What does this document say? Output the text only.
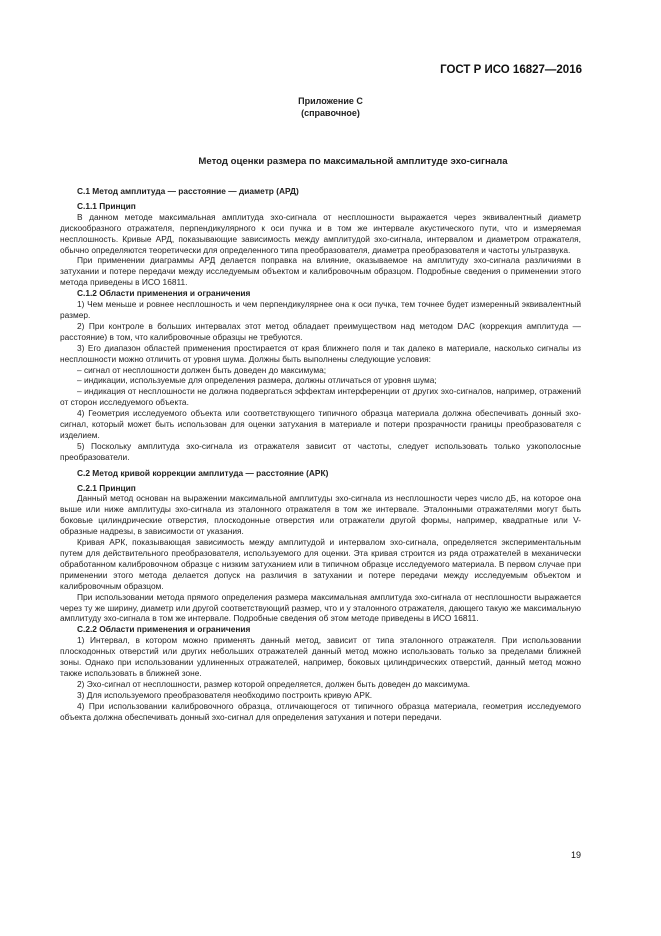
ГОСТ Р ИСО 16827—2016
Приложение С
(справочное)
Метод оценки размера по максимальной амплитуде эхо-сигнала

С.1 Метод амплитуда — расстояние — диаметр (АРД)

С.1.1 Принцип

В данном методе максимальная амплитуда эхо-сигнала от несплошности выражается через эквивалентный диаметр дискообразного отражателя, перпендикулярного к оси пучка и в том же интервале акустического пути, что и измеряемая несплошность. Кривые АРД, показывающие зависимость между амплитудой эхо-сигнала, интервалом и диаметром отражателя, обычно определяются теоретически для определенного типа преобразователя, диаметра преобразователя и частоты ультразвука.

При применении диаграммы АРД делается поправка на влияние, оказываемое на амплитуду эхо-сигнала различиями в затухании и потере передачи между исследуемым объектом и калибровочным образцом. Подробные сведения о применении этого метода приведены в ИСО 16811.

С.1.2 Области применения и ограничения

1) Чем меньше и ровнее несплошность и чем перпендикулярнее она к оси пучка, тем точнее будет измеренный эквивалентный размер.

2) При контроле в больших интервалах этот метод обладает преимуществом над методом DAC (коррекция амплитуда — расстояние) в том, что калибровочные образцы не требуются.

3) Его диапазон областей применения простирается от края ближнего поля и так далеко в материале, насколько сигналы из несплошности можно отличить от уровня шума. Должны быть выполнены следующие условия:

– сигнал от несплошности должен быть доведен до максимума;

– индикации, используемые для определения размера, должны отличаться от уровня шума;

– индикация от несплошности не должна подвергаться эффектам интерференции от других эхо-сигналов, например, отражений от сторон исследуемого объекта.

4) Геометрия исследуемого объекта или соответствующего типичного образца материала должна обеспечивать донный эхо-сигнал, который может быть использован для оценки затухания в материале и потери прозрачности границы преобразователя с изделием.

5) Поскольку амплитуда эхо-сигнала из отражателя зависит от частоты, следует использовать только узкополосные преобразователи.

С.2 Метод кривой коррекции амплитуда — расстояние (АРК)

С.2.1 Принцип

Данный метод основан на выражении максимальной амплитуды эхо-сигнала из несплошности через число дБ, на которое она выше или ниже амплитуды эхо-сигнала из эталонного отражателя в том же интервале. Эталонными отражателями могут быть боковые цилиндрические отверстия, плоскодонные отверстия или отражатели другой формы, например, квадратные или V-образные надрезы, в зависимости от указания.

Кривая АРК, показывающая зависимость между амплитудой и интервалом эхо-сигнала, определяется экспериментальным путем для действительного преобразователя, используемого для оценки. Эта кривая строится из ряда отражателей в механически обработанном калибровочном образце с низким затуханием или в типичном образце исследуемого материала. В первом случае при применении этого метода делается допуск на различия в затухании и потере передачи между исследуемым объектом и калибровочным образцом.

При использовании метода прямого определения размера максимальная амплитуда эхо-сигнала от несплошности выражается через ту же ширину, диаметр или другой соответствующий размер, что и у эталонного отражателя, дающего такую же максимальную амплитуду эхо-сигнала в том же интервале. Подробные сведения об этом методе приведены в ИСО 16811.

С.2.2 Области применения и ограничения

1) Интервал, в котором можно применять данный метод, зависит от типа эталонного отражателя. При использовании плоскодонных отверстий или других небольших отражателей данный метод можно использовать только за пределами ближней зоны. Однако при использовании удлиненных отражателей, например, боковых цилиндрических отверстий, данный метод можно также использовать в ближней зоне.

2) Эхо-сигнал от несплошности, размер которой определяется, должен быть доведен до максимума.

3) Для используемого преобразователя необходимо построить кривую АРК.

4) При использовании калибровочного образца, отличающегося от типичного образца материала, геометрия исследуемого объекта должна обеспечивать донный эхо-сигнал для определения затухания и потери передачи.

19
